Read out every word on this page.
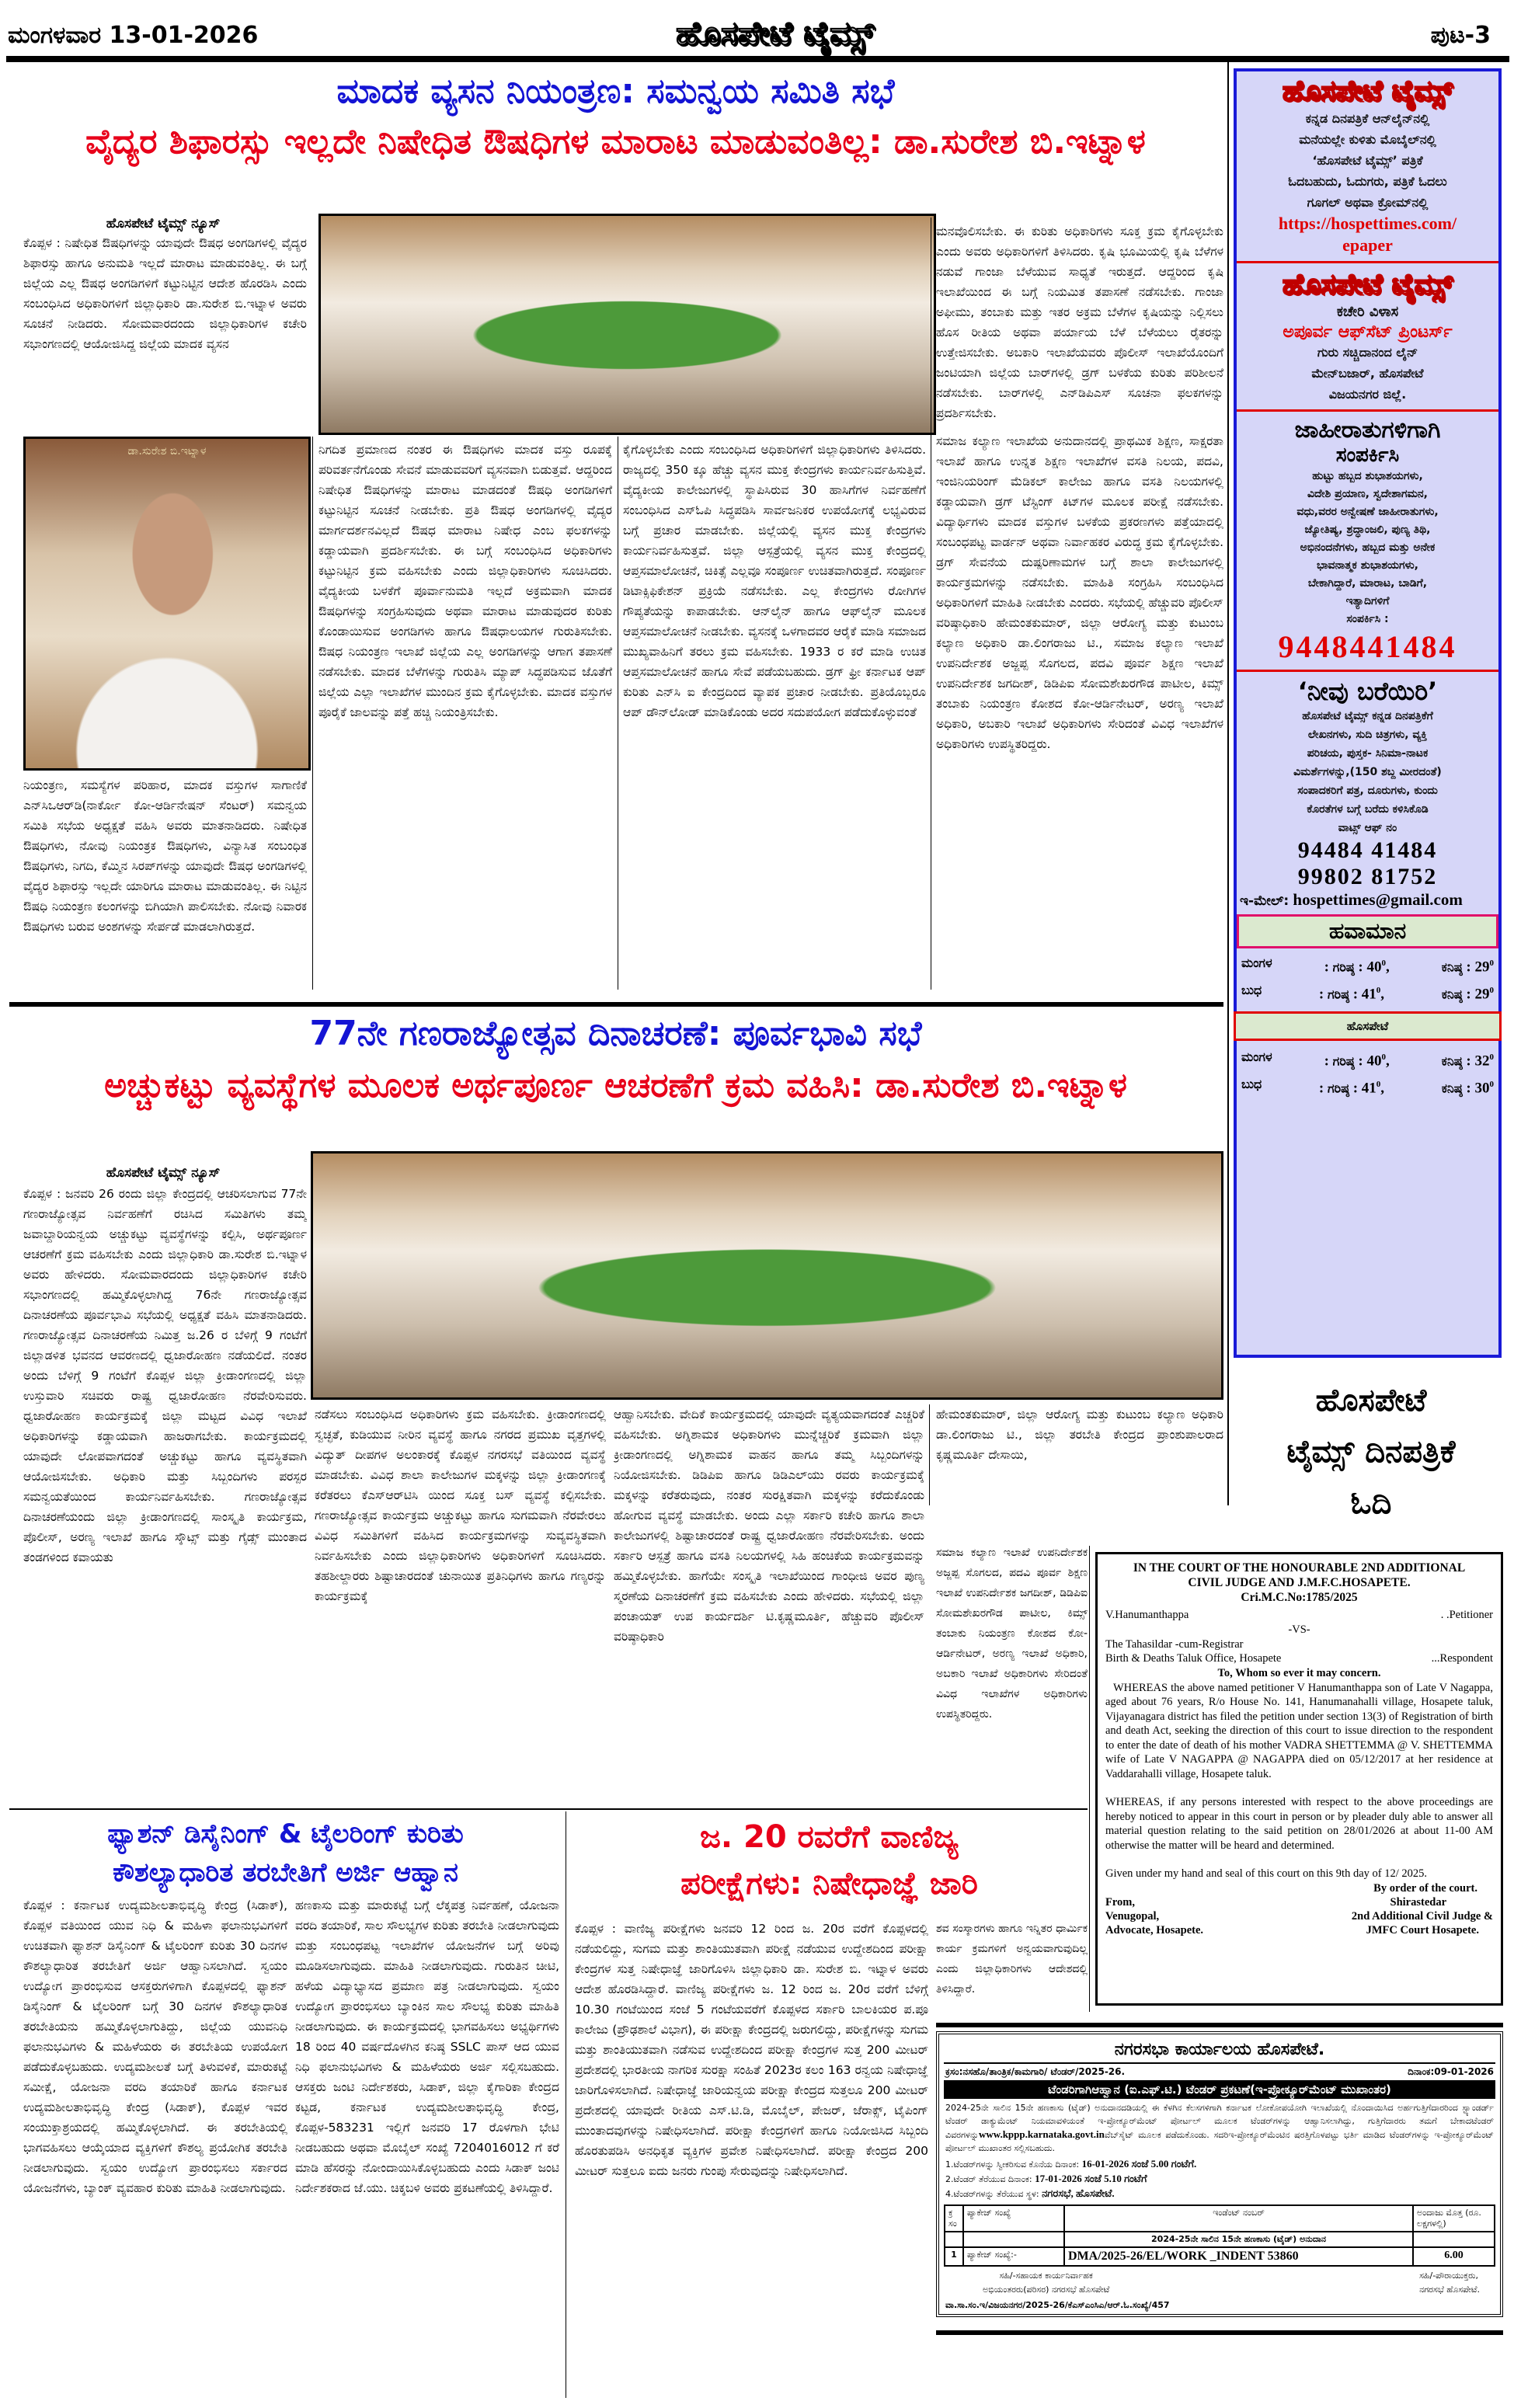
ಮಂಗಳವಾರ 13-01-2026	ಹೊಸಪೇಟೆ ಟೈಮ್ಸ್	ಪುಟ-3
ಮಾದಕ ವ್ಯಸನ ನಿಯಂತ್ರಣ: ಸಮನ್ವಯ ಸಮಿತಿ ಸಭೆ
ವೈದ್ಯರ ಶಿಫಾರಸ್ಸು ಇಲ್ಲದೇ ನಿಷೇಧಿತ ಔಷಧಿಗಳ ಮಾರಾಟ ಮಾಡುವಂತಿಲ್ಲ: ಡಾ.ಸುರೇಶ ಬಿ.ಇಟ್ನಾಳ
ಹೊಸಪೇಟೆ ಟೈಮ್ಸ್ ನ್ಯೂಸ್
ಕೊಪ್ಪಳ : ನಿಷೇಧಿತ ಔಷಧಿಗಳನ್ನು ಯಾವುದೇ ಔಷಧ ಅಂಗಡಿಗಳಲ್ಲಿ ವೈದ್ಯರ ಶಿಫಾರಸ್ಸು ಹಾಗೂ ಅನುಮತಿ ಇಲ್ಲದೆ ಮಾರಾಟ ಮಾಡುವಂತಿಲ್ಲ. ಈ ಬಗ್ಗೆ ಜಿಲ್ಲೆಯ ಎಲ್ಲ ಔಷಧ ಅಂಗಡಿಗಳಿಗೆ ಕಟ್ಟುನಿಟ್ಟಿನ ಆದೇಶ ಹೊರಡಿಸಿ ಎಂದು ಸಂಬಂಧಿಸಿದ ಅಧಿಕಾರಿಗಳಿಗೆ ಜಿಲ್ಲಾಧಿಕಾರಿ ಡಾ.ಸುರೇಶ ಬಿ.ಇಟ್ನಾಳ ಅವರು ಸೂಚನೆ ನೀಡಿದರು. ಸೋಮವಾರದಂದು ಜಿಲ್ಲಾಧಿಕಾರಿಗಳ ಕಚೇರಿ ಸಭಾಂಗಣದಲ್ಲಿ ಆಯೋಜಿಸಿದ್ದ ಜಿಲ್ಲೆಯ ಮಾದಕ ವ್ಯಸನ
ಡಾ.ಸುರೇಶ ಬಿ.ಇಟ್ನಾಳ
ನಿಯಂತ್ರಣ, ಸಮಸ್ಯೆಗಳ ಪರಿಹಾರ, ಮಾದಕ ವಸ್ತುಗಳ ಸಾಗಾಣಿಕೆ ಎನ್‌ಸಿಒಆರ್‌ಡಿ(ನಾರ್ಕೋ ಕೋ-ಆರ್ಡಿನೇಷನ್ ಸೆಂಟರ್) ಸಮನ್ವಯ ಸಮಿತಿ ಸಭೆಯ ಅಧ್ಯಕ್ಷತೆ ವಹಿಸಿ ಅವರು ಮಾತನಾಡಿದರು. ನಿಷೇಧಿತ ಔಷಧಿಗಳು, ನೋವು ನಿಯಂತ್ರಕ ಔಷಧಿಗಳು, ವಿನ್ಯಾಸಿತ ಸಂಬಂಧಿತ ಔಷಧಿಗಳು, ನಿಗದಿ, ಕೆಮ್ಮಿನ ಸಿರಪ್‌ಗಳನ್ನು ಯಾವುದೇ ಔಷಧ ಅಂಗಡಿಗಳಲ್ಲಿ ವೈದ್ಯರ ಶಿಫಾರಸ್ಸು ಇಲ್ಲದೇ ಯಾರಿಗೂ ಮಾರಾಟ ಮಾಡುವಂತಿಲ್ಲ. ಈ ನಿಟ್ಟಿನ ಔಷಧಿ ನಿಯಂತ್ರಣ ಕಲಂಗಳನ್ನು ಬಿಗಿಯಾಗಿ ಪಾಲಿಸಬೇಕು. ನೋವು ನಿವಾರಕ ಔಷಧಿಗಳು ಬರುವ ಅಂಶಗಳನ್ನು ಸೇರ್ಪಡೆ ಮಾಡಲಾಗಿರುತ್ತದೆ.
ನಿಗದಿತ ಪ್ರಮಾಣದ ನಂತರ ಈ ಔಷಧಿಗಳು ಮಾದಕ ವಸ್ತು ರೂಪಕ್ಕೆ ಪರಿವರ್ತನೆಗೊಂಡು ಸೇವನೆ ಮಾಡುವವರಿಗೆ ವ್ಯಸನವಾಗಿ ಬಿಡುತ್ತವೆ. ಆದ್ದರಿಂದ ನಿಷೇಧಿತ ಔಷಧಿಗಳನ್ನು ಮಾರಾಟ ಮಾಡದಂತೆ ಔಷಧಿ ಅಂಗಡಿಗಳಿಗೆ ಕಟ್ಟುನಿಟ್ಟಿನ ಸೂಚನೆ ನೀಡಬೇಕು. ಪ್ರತಿ ಔಷಧ ಅಂಗಡಿಗಳಲ್ಲಿ ವೈದ್ಯರ ಮಾರ್ಗದರ್ಶನವಿಲ್ಲದೆ ಔಷಧ ಮಾರಾಟ ನಿಷೇಧ ಎಂಬ ಫಲಕಗಳನ್ನು ಕಡ್ಡಾಯವಾಗಿ ಪ್ರದರ್ಶಿಸಬೇಕು. ಈ ಬಗ್ಗೆ ಸಂಬಂಧಿಸಿದ ಅಧಿಕಾರಿಗಳು ಕಟ್ಟುನಿಟ್ಟಿನ ಕ್ರಮ ವಹಿಸಬೇಕು ಎಂದು ಜಿಲ್ಲಾಧಿಕಾರಿಗಳು ಸೂಚಿಸಿದರು. ವೈದ್ಯಕೀಯ ಬಳಕೆಗೆ ಪೂರ್ವಾನುಮತಿ ಇಲ್ಲದೆ ಅಕ್ರಮವಾಗಿ ಮಾದಕ ಔಷಧಿಗಳನ್ನು ಸಂಗ್ರಹಿಸುವುದು ಅಥವಾ ಮಾರಾಟ ಮಾಡುವುದರ ಕುರಿತು ಕೊಂಡಾಯಿಸುವ ಅಂಗಡಿಗಳು ಹಾಗೂ ಔಷಧಾಲಯಗಳ ಗುರುತಿಸಬೇಕು. ಔಷಧ ನಿಯಂತ್ರಣ ಇಲಾಖೆ ಜಿಲ್ಲೆಯ ಎಲ್ಲ ಅಂಗಡಿಗಳನ್ನು ಆಗಾಗ ತಪಾಸಣೆ ನಡೆಸಬೇಕು. ಮಾದಕ ಬೆಳೆಗಳನ್ನು ಗುರುತಿಸಿ ಮ್ಯಾಪ್ ಸಿದ್ಧಪಡಿಸುವ ಜೊತೆಗೆ ಜಿಲ್ಲೆಯ ಎಲ್ಲಾ ಇಲಾಖೆಗಳ ಮುಂದಿನ ಕ್ರಮ ಕೈಗೊಳ್ಳಬೇಕು. ಮಾದಕ ವಸ್ತುಗಳ ಪೂರೈಕೆ ಜಾಲವನ್ನು ಪತ್ತೆ ಹಚ್ಚಿ ನಿಯಂತ್ರಿಸಬೇಕು.
ಕೈಗೊಳ್ಳಬೇಕು ಎಂದು ಸಂಬಂಧಿಸಿದ ಅಧಿಕಾರಿಗಳಿಗೆ ಜಿಲ್ಲಾಧಿಕಾರಿಗಳು ತಿಳಿಸಿದರು. ರಾಜ್ಯದಲ್ಲಿ 350 ಕ್ಕೂ ಹೆಚ್ಚು ವ್ಯಸನ ಮುಕ್ತ ಕೇಂದ್ರಗಳು ಕಾರ್ಯನಿರ್ವಹಿಸುತ್ತಿವೆ. ವೈದ್ಯಕೀಯ ಕಾಲೇಜುಗಳಲ್ಲಿ ಸ್ಥಾಪಿಸಿರುವ 30 ಹಾಸಿಗೆಗಳ ನಿರ್ವಹಣೆಗೆ ಸಂಬಂಧಿಸಿದ ಎಸ್‌ಓಪಿ ಸಿದ್ಧಪಡಿಸಿ ಸಾರ್ವಜನಿಕರ ಉಪಯೋಗಕ್ಕೆ ಲಭ್ಯವಿರುವ ಬಗ್ಗೆ ಪ್ರಚಾರ ಮಾಡಬೇಕು. ಜಿಲ್ಲೆಯಲ್ಲಿ ವ್ಯಸನ ಮುಕ್ತ ಕೇಂದ್ರಗಳು ಕಾರ್ಯನಿರ್ವಹಿಸುತ್ತವೆ. ಜಿಲ್ಲಾ ಆಸ್ಪತ್ರೆಯಲ್ಲಿ ವ್ಯಸನ ಮುಕ್ತ ಕೇಂದ್ರದಲ್ಲಿ ಆಪ್ತಸಮಾಲೋಚನೆ, ಚಿಕಿತ್ಸೆ ಎಲ್ಲವೂ ಸಂಪೂರ್ಣ ಉಚಿತವಾಗಿರುತ್ತದೆ. ಸಂಪೂರ್ಣ ಡಿಟಾಕ್ಸಿಫಿಕೇಶನ್ ಪ್ರಕ್ರಿಯೆ ನಡೆಸಬೇಕು. ಎಲ್ಲ ಕೇಂದ್ರಗಳು ರೋಗಿಗಳ ಗೌಪ್ಯತೆಯನ್ನು ಕಾಪಾಡಬೇಕು. ಆನ್‌ಲೈನ್ ಹಾಗೂ ಆಫ್‌ಲೈನ್ ಮೂಲಕ ಆಪ್ತಸಮಾಲೋಚನೆ ನೀಡಬೇಕು. ವ್ಯಸನಕ್ಕೆ ಒಳಗಾದವರ ಆರೈಕೆ ಮಾಡಿ ಸಮಾಜದ ಮುಖ್ಯವಾಹಿನಿಗೆ ತರಲು ಕ್ರಮ ವಹಿಸಬೇಕು. 1933 ರ ಕರೆ ಮಾಡಿ ಉಚಿತ ಆಪ್ತಸಮಾಲೋಚನೆ ಹಾಗೂ ಸೇವೆ ಪಡೆಯಬಹುದು. ಡ್ರಗ್ ಫ್ರೀ ಕರ್ನಾಟಕ ಆಪ್ ಕುರಿತು ಎನ್‌ಸಿ ಐ ಕೇಂದ್ರದಿಂದ ವ್ಯಾಪಕ ಪ್ರಚಾರ ನೀಡಬೇಕು. ಪ್ರತಿಯೊಬ್ಬರೂ ಆಪ್ ಡೌನ್‌ಲೋಡ್ ಮಾಡಿಕೊಂಡು ಅದರ ಸದುಪಯೋಗ ಪಡೆದುಕೊಳ್ಳುವಂತೆ
ಮನವೊಲಿಸಬೇಕು. ಈ ಕುರಿತು ಅಧಿಕಾರಿಗಳು ಸೂಕ್ತ ಕ್ರಮ ಕೈಗೊಳ್ಳಬೇಕು ಎಂದು ಅವರು ಅಧಿಕಾರಿಗಳಿಗೆ ತಿಳಿಸಿದರು. ಕೃಷಿ ಭೂಮಿಯಲ್ಲಿ ಕೃಷಿ ಬೆಳೆಗಳ ನಡುವೆ ಗಾಂಜಾ ಬೆಳೆಯುವ ಸಾಧ್ಯತೆ ಇರುತ್ತದೆ. ಆದ್ದರಿಂದ ಕೃಷಿ ಇಲಾಖೆಯಿಂದ ಈ ಬಗ್ಗೆ ನಿಯಮಿತ ತಪಾಸಣೆ ನಡೆಸಬೇಕು. ಗಾಂಜಾ ಅಫೀಮು, ತಂಬಾಕು ಮತ್ತು ಇತರ ಅಕ್ರಮ ಬೆಳೆಗಳ ಕೃಷಿಯನ್ನು ನಿಲ್ಲಿಸಲು ಹೊಸ ರೀತಿಯ ಅಥವಾ ಪರ್ಯಾಯ ಬೆಳೆ ಬೆಳೆಯಲು ರೈತರನ್ನು ಉತ್ತೇಜಿಸಬೇಕು. ಅಬಕಾರಿ ಇಲಾಖೆಯವರು ಪೊಲೀಸ್ ಇಲಾಖೆಯೊಂದಿಗೆ ಜಂಟಿಯಾಗಿ ಜಿಲ್ಲೆಯ ಬಾರ್‌ಗಳಲ್ಲಿ ಡ್ರಗ್ ಬಳಕೆಯ ಕುರಿತು ಪರಿಶೀಲನೆ ನಡೆಸಬೇಕು. ಬಾರ್‌ಗಳಲ್ಲಿ ಎನ್‌ಡಿಪಿಎಸ್ ಸೂಚನಾ ಫಲಕಗಳನ್ನು ಪ್ರದರ್ಶಿಸಬೇಕು.
ಸಮಾಜ ಕಲ್ಯಾಣ ಇಲಾಖೆಯ ಅನುದಾನದಲ್ಲಿ ಪ್ರಾಥಮಿಕ ಶಿಕ್ಷಣ, ಸಾಕ್ಷರತಾ ಇಲಾಖೆ ಹಾಗೂ ಉನ್ನತ ಶಿಕ್ಷಣ ಇಲಾಖೆಗಳ ವಸತಿ ನಿಲಯ, ಪದವಿ, ಇಂಜಿನಿಯರಿಂಗ್ ಮೆಡಿಕಲ್ ಕಾಲೇಜು ಹಾಗೂ ವಸತಿ ನಿಲಯಗಳಲ್ಲಿ ಕಡ್ಡಾಯವಾಗಿ ಡ್ರಗ್ ಟೆಸ್ಟಿಂಗ್ ಕಿಟ್‌ಗಳ ಮೂಲಕ ಪರೀಕ್ಷೆ ನಡೆಸಬೇಕು. ವಿದ್ಯಾರ್ಥಿಗಳು ಮಾದಕ ವಸ್ತುಗಳ ಬಳಕೆಯ ಪ್ರಕರಣಗಳು ಪತ್ತೆಯಾದಲ್ಲಿ ಸಂಬಂಧಪಟ್ಟ ವಾರ್ಡನ್ ಅಥವಾ ನಿರ್ವಾಹಕರ ವಿರುದ್ಧ ಕ್ರಮ ಕೈಗೊಳ್ಳಬೇಕು. ಡ್ರಗ್ ಸೇವನೆಯ ದುಷ್ಪರಿಣಾಮಗಳ ಬಗ್ಗೆ ಶಾಲಾ ಕಾಲೇಜುಗಳಲ್ಲಿ ಕಾರ್ಯಕ್ರಮಗಳನ್ನು ನಡೆಸಬೇಕು. ಮಾಹಿತಿ ಸಂಗ್ರಹಿಸಿ ಸಂಬಂಧಿಸಿದ ಅಧಿಕಾರಿಗಳಿಗೆ ಮಾಹಿತಿ ನೀಡಬೇಕು ಎಂದರು. ಸಭೆಯಲ್ಲಿ ಹೆಚ್ಚುವರಿ ಪೊಲೀಸ್ ವರಿಷ್ಠಾಧಿಕಾರಿ ಹೇಮಂತಕುಮಾರ್, ಜಿಲ್ಲಾ ಆರೋಗ್ಯ ಮತ್ತು ಕುಟುಂಬ ಕಲ್ಯಾಣ ಅಧಿಕಾರಿ ಡಾ.ಲಿಂಗರಾಜು ಟಿ., ಸಮಾಜ ಕಲ್ಯಾಣ ಇಲಾಖೆ ಉಪನಿರ್ದೇಶಕ ಅಜ್ಜಪ್ಪ ಸೊಗಲದ, ಪದವಿ ಪೂರ್ವ ಶಿಕ್ಷಣ ಇಲಾಖೆ ಉಪನಿರ್ದೇಶಕ ಜಗದೀಶ್, ಡಿಡಿಪಿಐ ಸೋಮಶೇಖರಗೌಡ ಪಾಟೀಲ, ಕಿಮ್ಸ್ ತಂಬಾಕು ನಿಯಂತ್ರಣ ಕೋಶದ ಕೋ-ಆರ್ಡಿನೇಟರ್, ಅರಣ್ಯ ಇಲಾಖೆ ಅಧಿಕಾರಿ, ಅಬಕಾರಿ ಇಲಾಖೆ ಅಧಿಕಾರಿಗಳು ಸೇರಿದಂತೆ ವಿವಿಧ ಇಲಾಖೆಗಳ ಅಧಿಕಾರಿಗಳು ಉಪಸ್ಥಿತರಿದ್ದರು.
77ನೇ ಗಣರಾಜ್ಯೋತ್ಸವ ದಿನಾಚರಣೆ: ಪೂರ್ವಭಾವಿ ಸಭೆ
ಅಚ್ಚುಕಟ್ಟು ವ್ಯವಸ್ಥೆಗಳ ಮೂಲಕ ಅರ್ಥಪೂರ್ಣ ಆಚರಣೆಗೆ ಕ್ರಮ ವಹಿಸಿ: ಡಾ.ಸುರೇಶ ಬಿ.ಇಟ್ನಾಳ
ಹೊಸಪೇಟೆ ಟೈಮ್ಸ್ ನ್ಯೂಸ್
ಕೊಪ್ಪಳ : ಜನವರಿ 26 ರಂದು ಜಿಲ್ಲಾ ಕೇಂದ್ರದಲ್ಲಿ ಆಚರಿಸಲಾಗುವ 77ನೇ ಗಣರಾಜ್ಯೋತ್ಸವ ನಿರ್ವಹಣೆಗೆ ರಚಿಸಿದ ಸಮಿತಿಗಳು ತಮ್ಮ ಜವಾಬ್ದಾರಿಯನ್ವಯ ಅಚ್ಚುಕಟ್ಟು ವ್ಯವಸ್ಥೆಗಳನ್ನು ಕಲ್ಪಿಸಿ, ಅರ್ಥಪೂರ್ಣ ಆಚರಣೆಗೆ ಕ್ರಮ ವಹಿಸಬೇಕು ಎಂದು ಜಿಲ್ಲಾಧಿಕಾರಿ ಡಾ.ಸುರೇಶ ಬಿ.ಇಟ್ನಾಳ ಅವರು ಹೇಳಿದರು. ಸೋಮವಾರದಂದು ಜಿಲ್ಲಾಧಿಕಾರಿಗಳ ಕಚೇರಿ ಸಭಾಂಗಣದಲ್ಲಿ ಹಮ್ಮಿಕೊಳ್ಳಲಾಗಿದ್ದ 76ನೇ ಗಣರಾಜ್ಯೋತ್ಸವ ದಿನಾಚರಣೆಯ ಪೂರ್ವಭಾವಿ ಸಭೆಯಲ್ಲಿ ಅಧ್ಯಕ್ಷತೆ ವಹಿಸಿ ಮಾತನಾಡಿದರು. ಗಣರಾಜ್ಯೋತ್ಸವ ದಿನಾಚರಣೆಯ ನಿಮಿತ್ತ ಜ.26 ರ ಬೆಳಿಗ್ಗೆ 9 ಗಂಟೆಗೆ ಜಿಲ್ಲಾಡಳಿತ ಭವನದ ಆವರಣದಲ್ಲಿ ಧ್ವಜಾರೋಹಣ ನಡೆಯಲಿದೆ. ನಂತರ ಅಂದು ಬೆಳಿಗ್ಗೆ 9 ಗಂಟೆಗೆ ಕೊಪ್ಪಳ ಜಿಲ್ಲಾ ಕ್ರೀಡಾಂಗಣದಲ್ಲಿ ಜಿಲ್ಲಾ ಉಸ್ತುವಾರಿ ಸಚಿವರು ರಾಷ್ಟ್ರ ಧ್ವಜಾರೋಹಣ ನೆರವೇರಿಸುವರು. ಧ್ವಜಾರೋಹಣ ಕಾರ್ಯಕ್ರಮಕ್ಕೆ ಜಿಲ್ಲಾ ಮಟ್ಟದ ವಿವಿಧ ಇಲಾಖೆ ಅಧಿಕಾರಿಗಳನ್ನು ಕಡ್ಡಾಯವಾಗಿ ಹಾಜರಾಗಬೇಕು. ಕಾರ್ಯಕ್ರಮದಲ್ಲಿ ಯಾವುದೇ ಲೋಪವಾಗದಂತೆ ಅಚ್ಚುಕಟ್ಟು ಹಾಗೂ ವ್ಯವಸ್ಥಿತವಾಗಿ ಆಯೋಜಿಸಬೇಕು. ಅಧಿಕಾರಿ ಮತ್ತು ಸಿಬ್ಬಂದಿಗಳು ಪರಸ್ಪರ ಸಮನ್ವಯತೆಯಿಂದ ಕಾರ್ಯನಿರ್ವಹಿಸಬೇಕು. ಗಣರಾಜ್ಯೋತ್ಸವ ದಿನಾಚರಣೆಯಂದು ಜಿಲ್ಲಾ ಕ್ರೀಡಾಂಗಣದಲ್ಲಿ ಸಾಂಸ್ಕೃತಿ ಕಾರ್ಯಕ್ರಮ, ಪೊಲೀಸ್, ಅರಣ್ಯ ಇಲಾಖೆ ಹಾಗೂ ಸ್ಕೌಟ್ಸ್ ಮತ್ತು ಗೈಡ್ಸ್ ಮುಂತಾದ ತಂಡಗಳಿಂದ ಕವಾಯತು
ನಡೆಸಲು ಸಂಬಂಧಿಸಿದ ಅಧಿಕಾರಿಗಳು ಕ್ರಮ ವಹಿಸಬೇಕು. ಕ್ರೀಡಾಂಗಣದಲ್ಲಿ ಸ್ವಚ್ಛತೆ, ಕುಡಿಯುವ ನೀರಿನ ವ್ಯವಸ್ಥೆ ಹಾಗೂ ನಗರದ ಪ್ರಮುಖ ವೃತ್ತಗಳಲ್ಲಿ ವಿದ್ಯುತ್ ದೀಪಗಳ ಅಲಂಕಾರಕ್ಕೆ ಕೊಪ್ಪಳ ನಗರಸಭೆ ವತಿಯಿಂದ ವ್ಯವಸ್ಥೆ ಮಾಡಬೇಕು. ವಿವಿಧ ಶಾಲಾ ಕಾಲೇಜುಗಳ ಮಕ್ಕಳನ್ನು ಜಿಲ್ಲಾ ಕ್ರೀಡಾಂಗಣಕ್ಕೆ ಕರೆತರಲು ಕೆಎಸ್‌ಆರ್‌ಟಿಸಿ ಯಿಂದ ಸೂಕ್ತ ಬಸ್ ವ್ಯವಸ್ಥೆ ಕಲ್ಪಿಸಬೇಕು. ಗಣರಾಜ್ಯೋತ್ಸವ ಕಾರ್ಯಕ್ರಮ ಅಚ್ಚುಕಟ್ಟು ಹಾಗೂ ಸುಗಮವಾಗಿ ನೆರವೇರಲು ವಿವಿಧ ಸಮಿತಿಗಳಿಗೆ ವಹಿಸಿದ ಕಾರ್ಯಕ್ರಮಗಳನ್ನು ಸುವ್ಯವಸ್ಥಿತವಾಗಿ ನಿರ್ವಹಿಸಬೇಕು ಎಂದು ಜಿಲ್ಲಾಧಿಕಾರಿಗಳು ಅಧಿಕಾರಿಗಳಿಗೆ ಸೂಚಿಸಿದರು. ತಹಶೀಲ್ದಾರರು ಶಿಷ್ಟಾಚಾರದಂತೆ ಚುನಾಯಿತ ಪ್ರತಿನಿಧಿಗಳು ಹಾಗೂ ಗಣ್ಯರನ್ನು ಕಾರ್ಯಕ್ರಮಕ್ಕೆ
ಆಹ್ವಾನಿಸಬೇಕು. ವೇದಿಕೆ ಕಾರ್ಯಕ್ರಮದಲ್ಲಿ ಯಾವುದೇ ವ್ಯತ್ಯಯವಾಗದಂತೆ ಎಚ್ಚರಿಕೆ ವಹಿಸಬೇಕು. ಅಗ್ನಿಶಾಮಕ ಅಧಿಕಾರಿಗಳು ಮುನ್ನೆಚ್ಚರಿಕೆ ಕ್ರಮವಾಗಿ ಜಿಲ್ಲಾ ಕ್ರೀಡಾಂಗಣದಲ್ಲಿ ಅಗ್ನಿಶಾಮಕ ವಾಹನ ಹಾಗೂ ತಮ್ಮ ಸಿಬ್ಬಂದಿಗಳನ್ನು ನಿಯೋಜಿಸಬೇಕು. ಡಿಡಿಪಿಐ ಹಾಗೂ ಡಿಡಿಎಲ್‌ಯು ರವರು ಕಾರ್ಯಕ್ರಮಕ್ಕೆ ಮಕ್ಕಳನ್ನು ಕರೆತರುವುದು, ನಂತರ ಸುರಕ್ಷಿತವಾಗಿ ಮಕ್ಕಳನ್ನು ಕರೆದುಕೊಂಡು ಹೋಗುವ ವ್ಯವಸ್ಥೆ ಮಾಡಬೇಕು. ಅಂದು ಎಲ್ಲಾ ಸರ್ಕಾರಿ ಕಚೇರಿ ಹಾಗೂ ಶಾಲಾ ಕಾಲೇಜುಗಳಲ್ಲಿ ಶಿಷ್ಟಾಚಾರದಂತೆ ರಾಷ್ಟ್ರ ಧ್ವಜಾರೋಹಣ ನೆರವೇರಿಸಬೇಕು. ಅಂದು ಸರ್ಕಾರಿ ಆಸ್ಪತ್ರೆ ಹಾಗೂ ವಸತಿ ನಿಲಯಗಳಲ್ಲಿ ಸಿಹಿ ಹಂಚಿಕೆಯ ಕಾರ್ಯಕ್ರಮವನ್ನು ಹಮ್ಮಿಕೊಳ್ಳಬೇಕು. ಹಾಗೆಯೇ ಸಂಸ್ಕೃತಿ ಇಲಾಖೆಯಿಂದ ಗಾಂಧೀಜಿ ಅವರ ಪುಣ್ಯ ಸ್ಮರಣೆಯ ದಿನಾಚರಣೆಗೆ ಕ್ರಮ ವಹಿಸಬೇಕು ಎಂದು ಹೇಳಿದರು. ಸಭೆಯಲ್ಲಿ ಜಿಲ್ಲಾ ಪಂಚಾಯತ್ ಉಪ ಕಾರ್ಯದರ್ಶಿ ಟಿ.ಕೃಷ್ಣಮೂರ್ತಿ, ಹೆಚ್ಚುವರಿ ಪೊಲೀಸ್ ವರಿಷ್ಠಾಧಿಕಾರಿ
ಹೇಮಂತಕುಮಾರ್, ಜಿಲ್ಲಾ ಆರೋಗ್ಯ ಮತ್ತು ಕುಟುಂಬ ಕಲ್ಯಾಣ ಅಧಿಕಾರಿ ಡಾ.ಲಿಂಗರಾಜು ಟಿ., ಜಿಲ್ಲಾ ತರಬೇತಿ ಕೇಂದ್ರದ ಪ್ರಾಂಶುಪಾಲರಾದ ಕೃಷ್ಣಮೂರ್ತಿ ದೇಸಾಯಿ,
ಸಮಾಜ ಕಲ್ಯಾಣ ಇಲಾಖೆ ಉಪನಿರ್ದೇಶಕ ಅಜ್ಜಪ್ಪ ಸೊಗಲದ, ಪದವಿ ಪೂರ್ವ ಶಿಕ್ಷಣ ಇಲಾಖೆ ಉಪನಿರ್ದೇಶಕ ಜಗದೀಶ್, ಡಿಡಿಪಿಐ ಸೋಮಶೇಖರಗೌಡ ಪಾಟೀಲ, ಕಿಮ್ಸ್ ತಂಬಾಕು ನಿಯಂತ್ರಣ ಕೋಶದ ಕೋ-ಆರ್ಡಿನೇಟರ್, ಅರಣ್ಯ ಇಲಾಖೆ ಅಧಿಕಾರಿ, ಅಬಕಾರಿ ಇಲಾಖೆ ಅಧಿಕಾರಿಗಳು ಸೇರಿದಂತೆ ವಿವಿಧ ಇಲಾಖೆಗಳ ಅಧಿಕಾರಿಗಳು ಉಪಸ್ಥಿತರಿದ್ದರು.
ಫ್ಯಾಶನ್ ಡಿಸೈನಿಂಗ್ & ಟೈಲರಿಂಗ್ ಕುರಿತು
ಕೌಶಲ್ಯಾಧಾರಿತ ತರಬೇತಿಗೆ ಅರ್ಜಿ ಆಹ್ವಾನ
ಕೊಪ್ಪಳ : ಕರ್ನಾಟಕ ಉದ್ಯಮಶೀಲತಾಭಿವೃದ್ಧಿ ಕೇಂದ್ರ (ಸಿಡಾಕ್), ಕೊಪ್ಪಳ ವತಿಯಿಂದ ಯುವ ನಿಧಿ & ಮಹಿಳಾ ಫಲಾನುಭವಿಗಳಿಗೆ ಉಚಿತವಾಗಿ ಫ್ಯಾಶನ್ ಡಿಸೈನಿಂಗ್ & ಟೈಲರಿಂಗ್ ಕುರಿತು 30 ದಿನಗಳ ಕೌಶಲ್ಯಾಧಾರಿತ ತರಬೇತಿಗೆ ಅರ್ಜಿ ಆಹ್ವಾನಿಸಲಾಗಿದೆ. ಸ್ವಯಂ ಉದ್ಯೋಗ ಪ್ರಾರಂಭಿಸುವ ಆಸಕ್ತರುಗಳಿಗಾಗಿ ಕೊಪ್ಪಳದಲ್ಲಿ ಫ್ಯಾಶನ್ ಡಿಸೈನಿಂಗ್ & ಟೈಲರಿಂಗ್ ಬಗ್ಗೆ 30 ದಿನಗಳ ಕೌಶಲ್ಯಾಧಾರಿತ ತರಬೇತಿಯನು ಹಮ್ಮಿಕೊಳ್ಳಲಾಗುತಿದ್ದು, ಜಿಲ್ಲೆಯ ಯುವನಿಧಿ ಫಲಾನುಭವಿಗಳು & ಮಹಿಳೆಯರು ಈ ತರಬೇತಿಯ ಉಪಯೋಗ ಪಡೆದುಕೊಳ್ಳಬಹುದು. ಉದ್ಯಮಶೀಲತೆ ಬಗ್ಗೆ ತಿಳುವಳಿಕೆ, ಮಾರುಕಟ್ಟೆ ಸಮೀಕ್ಷೆ, ಯೋಜನಾ ವರದಿ ತಯಾರಿಕೆ ಹಾಗೂ ಕರ್ನಾಟಕ ಉದ್ಯಮಶೀಲತಾಭಿವೃದ್ಧಿ ಕೇಂದ್ರ (ಸಿಡಾಕ್), ಕೊಪ್ಪಳ ಇವರ ಸಂಯುಕ್ತಾಶ್ರಯದಲ್ಲಿ ಹಮ್ಮಿಕೊಳ್ಳಲಾಗಿದೆ. ಈ ತರಬೇತಿಯಲ್ಲಿ ಭಾಗವಹಿಸಲು ಆಯ್ಕೆಯಾದ ವ್ಯಕ್ತಿಗಳಿಗೆ ಕೌಶಲ್ಯ ಪ್ರಯೋಗಿಕ ತರಬೇತಿ ನೀಡಲಾಗುವುದು. ಸ್ವಯಂ ಉದ್ಯೋಗ ಪ್ರಾರಂಭಿಸಲು ಸರ್ಕಾರದ ಯೋಜನೆಗಳು, ಬ್ಯಾಂಕ್ ವ್ಯವಹಾರ ಕುರಿತು ಮಾಹಿತಿ ನೀಡಲಾಗುವುದು.
ಹಣಕಾಸು ಮತ್ತು ಮಾರುಕಟ್ಟೆ ಬಗ್ಗೆ ಲೆಕ್ಕಪತ್ರ ನಿರ್ವಹಣೆ, ಯೋಜನಾ ವರದಿ ತಯಾರಿಕೆ, ಸಾಲ ಸೌಲಭ್ಯಗಳ ಕುರಿತು ತರಬೇತಿ ನೀಡಲಾಗುವುದು ಮತ್ತು ಸಂಬಂಧಪಟ್ಟ ಇಲಾಖೆಗಳ ಯೋಜನೆಗಳ ಬಗ್ಗೆ ಅರಿವು ಮೂಡಿಸಲಾಗುವುದು. ಮಾಹಿತಿ ನೀಡಲಾಗುವುದು. ಗುರುತಿನ ಚೀಟಿ, ಹಳೆಯ ವಿದ್ಯಾಭ್ಯಾಸದ ಪ್ರಮಾಣ ಪತ್ರ ನೀಡಲಾಗುವುದು. ಸ್ವಯಂ ಉದ್ಯೋಗ ಪ್ರಾರಂಭಿಸಲು ಬ್ಯಾಂಕಿನ ಸಾಲ ಸೌಲಭ್ಯ ಕುರಿತು ಮಾಹಿತಿ ನೀಡಲಾಗುವುದು. ಈ ಕಾರ್ಯಕ್ರಮದಲ್ಲಿ ಭಾಗವಹಿಸಲು ಅಭ್ಯರ್ಥಿಗಳು 18 ರಿಂದ 40 ವರ್ಷದೊಳಗಿನ ಕನಿಷ್ಠ SSLC ಪಾಸ್ ಆದ ಯುವ ನಿಧಿ ಫಲಾನುಭವಿಗಳು & ಮಹಿಳೆಯರು ಅರ್ಜಿ ಸಲ್ಲಿಸಬಹುದು. ಆಸಕ್ತರು ಜಂಟಿ ನಿರ್ದೇಶಕರು, ಸಿಡಾಕ್, ಜಿಲ್ಲಾ ಕೈಗಾರಿಕಾ ಕೇಂದ್ರದ ಕಟ್ಟಡ, ಕರ್ನಾಟಕ ಉದ್ಯಮಶೀಲತಾಭಿವೃದ್ಧಿ ಕೇಂದ್ರ, ಕೊಪ್ಪಳ-583231 ಇಲ್ಲಿಗೆ ಜನವರಿ 17 ರೊಳಗಾಗಿ ಭೇಟಿ ನೀಡಬಹುದು ಅಥವಾ ಮೊಬೈಲ್ ಸಂಖ್ಯೆ 7204016012 ಗೆ ಕರೆ ಮಾಡಿ ಹೆಸರನ್ನು ನೋಂದಾಯಿಸಿಕೊಳ್ಳಬಹುದು ಎಂದು ಸಿಡಾಕ್ ಜಂಟಿ ನಿರ್ದೇಶಕರಾದ ಜೆ.ಯು. ಚಿಕ್ಕಬಳಿ ಅವರು ಪ್ರಕಟಣೆಯಲ್ಲಿ ತಿಳಿಸಿದ್ದಾರೆ.
ಜ. 20 ರವರೆಗೆ ವಾಣಿಜ್ಯ
ಪರೀಕ್ಷೆಗಳು: ನಿಷೇಧಾಜ್ಞೆ ಜಾರಿ
ಕೊಪ್ಪಳ : ವಾಣಿಜ್ಯ ಪರೀಕ್ಷೆಗಳು ಜನವರಿ 12 ರಿಂದ ಜ. 20ರ ವರೆಗೆ ಕೊಪ್ಪಳದಲ್ಲಿ ನಡೆಯಲಿದ್ದು, ಸುಗಮ ಮತ್ತು ಶಾಂತಿಯುತವಾಗಿ ಪರೀಕ್ಷೆ ನಡೆಯುವ ಉದ್ದೇಶದಿಂದ ಪರೀಕ್ಷಾ ಕೇಂದ್ರಗಳ ಸುತ್ತ ನಿಷೇಧಾಜ್ಞೆ ಜಾರಿಗೊಳಿಸಿ ಜಿಲ್ಲಾಧಿಕಾರಿ ಡಾ. ಸುರೇಶ ಬಿ. ಇಟ್ನಾಳ ಅವರು ಆದೇಶ ಹೊರಡಿಸಿದ್ದಾರೆ. ವಾಣಿಜ್ಯ ಪರೀಕ್ಷೆಗಳು ಜ. 12 ರಿಂದ ಜ. 20ರ ವರೆಗೆ ಬೆಳಿಗ್ಗೆ 10.30 ಗಂಟೆಯಿಂದ ಸಂಜೆ 5 ಗಂಟೆಯವರೆಗೆ ಕೊಪ್ಪಳದ ಸರ್ಕಾರಿ ಬಾಲಕಿಯರ ಪ.ಪೂ ಕಾಲೇಜು (ಪ್ರೌಢಶಾಲೆ ವಿಭಾಗ), ಈ ಪರೀಕ್ಷಾ ಕೇಂದ್ರದಲ್ಲಿ ಜರುಗಲಿದ್ದು, ಪರೀಕ್ಷೆಗಳನ್ನು ಸುಗಮ ಮತ್ತು ಶಾಂತಿಯುತವಾಗಿ ನಡೆಸುವ ಉದ್ದೇಶದಿಂದ ಪರೀಕ್ಷಾ ಕೇಂದ್ರಗಳ ಸುತ್ತ 200 ಮೀಟರ್ ಪ್ರದೇಶದಲ್ಲಿ ಭಾರತೀಯ ನಾಗರಿಕ ಸುರಕ್ಷಾ ಸಂಹಿತೆ 2023ರ ಕಲಂ 163 ರನ್ವಯ ನಿಷೇಧಾಜ್ಞೆ ಜಾರಿಗೊಳಿಸಲಾಗಿದೆ. ನಿಷೇಧಾಜ್ಞೆ ಜಾರಿಯನ್ವಯ ಪರೀಕ್ಷಾ ಕೇಂದ್ರದ ಸುತ್ತಲೂ 200 ಮೀಟರ್ ಪ್ರದೇಶದಲ್ಲಿ ಯಾವುದೇ ರೀತಿಯ ಎಸ್.ಟಿ.ಡಿ, ಮೊಬೈಲ್, ಪೇಜರ್, ಜೆರಾಕ್ಸ್, ಟೈಪಿಂಗ್ ಮುಂತಾದವುಗಳನ್ನು ನಿಷೇಧಿಸಲಾಗಿದೆ. ಪರೀಕ್ಷಾ ಕೇಂದ್ರಗಳಿಗೆ ಹಾಗೂ ನಿಯೋಜಿಸಿದ ಸಿಬ್ಬಂದಿ ಹೊರತುಪಡಿಸಿ ಅನಧಿಕೃತ ವ್ಯಕ್ತಿಗಳ ಪ್ರವೇಶ ನಿಷೇಧಿಸಲಾಗಿದೆ. ಪರೀಕ್ಷಾ ಕೇಂದ್ರದ 200 ಮೀಟರ್ ಸುತ್ತಲೂ ಐದು ಜನರು ಗುಂಪು ಸೇರುವುದನ್ನು ನಿಷೇಧಿಸಲಾಗಿದೆ.
ಶವ ಸಂಸ್ಕಾರಗಳು ಹಾಗೂ ಇನ್ನಿತರ ಧಾರ್ಮಿಕ ಕಾರ್ಯ ಕ್ರಮಗಳಿಗೆ ಅನ್ವಯವಾಗುವುದಿಲ್ಲ ಎಂದು ಜಿಲ್ಲಾಧಿಕಾರಿಗಳು ಆದೇಶದಲ್ಲಿ ತಿಳಿಸಿದ್ದಾರೆ.
ಹೊಸಪೇಟೆ ಟೈಮ್ಸ್
ಕನ್ನಡ ದಿನಪತ್ರಿಕೆ ಆನ್‌ಲೈನ್‌ನಲ್ಲಿ
ಮನೆಯಲ್ಲೇ ಕುಳಿತು ಮೊಬೈಲ್‌ನಲ್ಲಿ
‘ಹೊಸಪೇಟೆ ಟೈಮ್ಸ್’ ಪತ್ರಿಕೆ
ಓದಬಹುದು, ಓದುಗರು, ಪತ್ರಿಕೆ ಓದಲು
ಗೂಗಲ್ ಅಥವಾ ಕ್ರೋಮ್‌ನಲ್ಲಿ
https://hospettimes.com/
epaper
ಹೊಸಪೇಟೆ ಟೈಮ್ಸ್
ಕಚೇರಿ ವಿಳಾಸ
ಅಪೂರ್ವ ಆಫ್‌ಸೆಟ್ ಪ್ರಿಂಟರ್ಸ್
ಗುರು ಸಚ್ಚಿದಾನಂದ ಲೈನ್
ಮೇನ್‌ಬಜಾರ್, ಹೊಸಪೇಟೆ
ವಿಜಯನಗರ ಜಿಲ್ಲೆ.
ಜಾಹೀರಾತುಗಳಿಗಾಗಿ
ಸಂಪರ್ಕಿಸಿ
ಹುಟ್ಟು ಹಬ್ಬದ ಶುಭಾಶಯಗಳು,
ವಿದೇಶಿ ಪ್ರಯಾಣ, ಸ್ವದೇಶಾಗಮನ,
ವಧು,ವರರ ಅನ್ವೇಷಣೆ ಜಾಹೀರಾತುಗಳು,
ಜ್ಯೋತಿಷ್ಯ, ಶ್ರದ್ಧಾಂಜಲಿ, ಪುಣ್ಯ ತಿಥಿ,
ಅಭಿನಂದನೆಗಳು, ಹಬ್ಬದ ಮತ್ತು ಅನೇಕ
ಭಾವನಾತ್ಮಕ ಶುಭಾಶಯಗಳು,
ಬೇಕಾಗಿದ್ದಾರೆ, ಮಾರಾಟ, ಬಾಡಿಗೆ,
ಇತ್ಯಾದಿಗಳಿಗೆ
ಸಂಪರ್ಕಿಸಿ :
9448441484
‘ನೀವು ಬರೆಯಿರಿ’
ಹೊಸಪೇಟೆ ಟೈಮ್ಸ್ ಕನ್ನಡ ದಿನಪತ್ರಿಕೆಗೆ
ಲೇಖನಗಳು, ಸುದಿ ಚಿತ್ರಗಳು, ವ್ಯಕ್ತಿ
ಪರಿಚಯ, ಪುಸ್ತಕ- ಸಿನಿಮಾ-ನಾಟಕ
ವಿಮರ್ಶೆಗಳನ್ನು,(150 ಶಬ್ದ ಮೀರದಂತೆ)
ಸಂಪಾದಕರಿಗೆ ಪತ್ರ, ದೂರುಗಳು, ಕುಂದು
ಕೊರತೆಗಳ ಬಗ್ಗೆ ಬರೆದು ಕಳಿಸಿಕೊಡಿ
ವಾಟ್ಸ್ ಆಫ್ ನಂ
94484 41484
99802 81752
ಇ-ಮೇಲ್: hospettimes@gmail.com
ಹವಾಮಾನ
ಮಂಗಳ	: ಗರಿಷ್ಠ : $40^0$,	ಕನಿಷ್ಠ : $29^0$
ಬುಧ	: ಗರಿಷ್ಠ : $41^0$,	ಕನಿಷ್ಠ : $29^0$
ಹೊಸಪೇಟೆ
ಮಂಗಳ	: ಗರಿಷ್ಠ : $40^0$,	ಕನಿಷ್ಠ : $32^0$
ಬುಧ	: ಗರಿಷ್ಠ : $41^0$,	ಕನಿಷ್ಠ : $30^0$
ಹೊಸಪೇಟೆ
ಟೈಮ್ಸ್ ದಿನಪತ್ರಿಕೆ
ಓದಿ
IN THE COURT OF THE HONOURABLE 2ND ADDITIONAL
CIVIL JUDGE AND J.M.F.C.HOSAPETE.
Cri.M.C.No:1785/2025
V.Hanumanthappa	. .Petitioner
-VS-
The Tahasildar -cum-Registrar
Birth & Deaths Taluk Office, Hosapete	...Respondent
To, Whom so ever it may concern.
WHEREAS the above named petitioner V Hanumanthappa son of Late V Nagappa, aged about 76 years, R/o House No. 141, Hanumanahalli village, Hosapete taluk, Vijayanagara district has filed the petition under section 13(3) of Registration of birth and death Act, seeking the direction of this court to issue direction to the respondent to enter the date of death of his mother VADRA SHETTEMMA @ V. SHETTEMMA wife of Late V NAGAPPA @ NAGAPPA died on 05/12/2017 at her residence at Vaddarahalli village, Hosapete taluk.
WHEREAS, if any persons interested with respect to the above proceedings are hereby noticed to appear in this court in person or by pleader duly able to answer all material question relating to the said petition on 28/01/2026 at about 11-00 AM otherwise the matter will be heard and determined.
Given under my hand and seal of this court on this 9th day of 12/ 2025.
By order of the court.
From,	Shirastedar
Venugopal,	2nd Additional Civil Judge &
Advocate, Hosapete.	JMFC Court Hosapete.
ನಗರಸಭಾ ಕಾರ್ಯಾಲಯ ಹೊಸಪೇಟೆ.
ಕ್ರಸಂ:ನಸಹೊ/ತಾಂತ್ರಿಕ/ಕಾಮಗಾರಿ/ ಟೆಂಡರ್/2025-26.	ದಿನಾಂಕ:09-01-2026
ಟೆಂಡರಿಗಾಗಿಆಹ್ವಾನ (ಐ.ಎಫ್.ಟಿ.) ಟೆಂಡರ್ ಪ್ರಕಟಣೆ(ಇ-ಪ್ರೋಕ್ಯೂರ್‌ಮೆಂಟ್ ಮುಖಾಂತರ)
2024-25ನೇ ಸಾಲಿನ 15ನೇ ಹಣಕಾಸು (ಟೈಡ್) ಅನುದಾನದಡಿಯಲ್ಲಿ ಈ ಕೆಳಗಿನ ಕೆಲಸಗಳಿಗಾಗಿ ಕರ್ನಾಟಕ ಲೋಕೋಪಯೋಗಿ ಇಲಾಖೆಯಲ್ಲಿ ನೊಂದಾಯಿಸಿದ ಅರ್ಹಗುತ್ತಿಗೆದಾರರಿಂದ ಸ್ಟ್ಯಾಂಡರ್ಡ್ ಟೆಂಡರ್ ಡಾಕ್ಯುಮೆಂಟ್ ನಿಯಮಾವಳಿಯಂತೆ ಇ-ಪ್ರೋಕ್ಯೂರ್‌ಮೆಂಟ್ ಪೋರ್ಟಲ್ ಮೂಲಕ ಟೆಂಡರ್‌ಗಳನ್ನು ಆಹ್ವಾನಿಸಲಾಗಿದ್ದು, ಗುತ್ತಿಗೆದಾರರು ತಮಗೆ ಬೇಕಾದಟೆಂಡರ್ ವಿವರಗಳನ್ನುwww.kppp.karnataka.govt.inವೆಬ್‌ಸೈಟ್ ಮೂಲಕ ಪಡೆದುಕೊಂಡು. ಸದರಿಇ-ಪ್ರೋಕ್ಯೂರ್‌ಮೆಂಟಿನ ಷರತ್ತಿಗೊಳಪಟ್ಟು ಭರ್ತಿ ಮಾಡಿದ ಟೆಂಡರ್‌ಗಳನ್ನು ಇ-ಪ್ರೋಕ್ಯೂರ್‌ಮೆಂಟ್ ಪೋರ್ಟಲ್ ಮುಖಾಂತರ ಸಲ್ಲಿಸಬಹುದು.
1.ಟೆಂಡರ್‌ಗಳನ್ನು ಸ್ವೀಕರಿಸುವ ಕೊನೆಯ ದಿನಾಂಕ: 16-01-2026 ಸಂಜೆ 5.00 ಗಂಟೆಗೆ.
2.ಟೆಂಡರ್ ತೆರೆಯುವ ದಿನಾಂಕ: 17-01-2026 ಸಂಜೆ 5.10 ಗಂಟೆಗೆ
4.ಟೆಂಡರ್‌ಗಳನ್ನು ತೆರೆಯುವ ಸ್ಥಳ: ನಗರಸಭೆ, ಹೊಸಪೇಟೆ.
ಕ್ರ ಸಂ	ಪ್ಯಾಕೇಜ್ ಸಂಖ್ಯೆ	ಇಂಡೆಂಟ್ ನಂಬರ್	ಅಂದಾಜು ಮೊತ್ತ (ರೂ. ಲಕ್ಷಗಳಲ್ಲಿ)
		2024-25ನೇ ಸಾಲಿನ 15ನೇ ಹಣಕಾಸು (ಟೈಡ್) ಅನುದಾನ	
1	ಪ್ಯಾಕೇಜ್ ಸಂಖ್ಯೆ:-	DMA/2025-26/EL/WORK _INDENT 53860	6.00
ಸಹಿ/-ಸಹಾಯಕ ಕಾರ್ಯನಿರ್ವಾಹಕ
ಅಭಿಯಂತರರು(ಪರಿಸರ) ನಗರಸಭೆ ಹೊಸಪೇಟೆ
ಸಹಿ/-ಪೌರಾಯುಕ್ತರು,
ನಗರಸಭೆ ಹೊಸಪೇಟೆ.
ವಾ.ಸಾ.ಸಂ.ಇ/ವಿಜಯನಗರ/2025-26/ಕೆಎಸ್‌ಎಂಸಿಎ/ಆರ್.ಓ.ಸಂಖ್ಯೆ/457
